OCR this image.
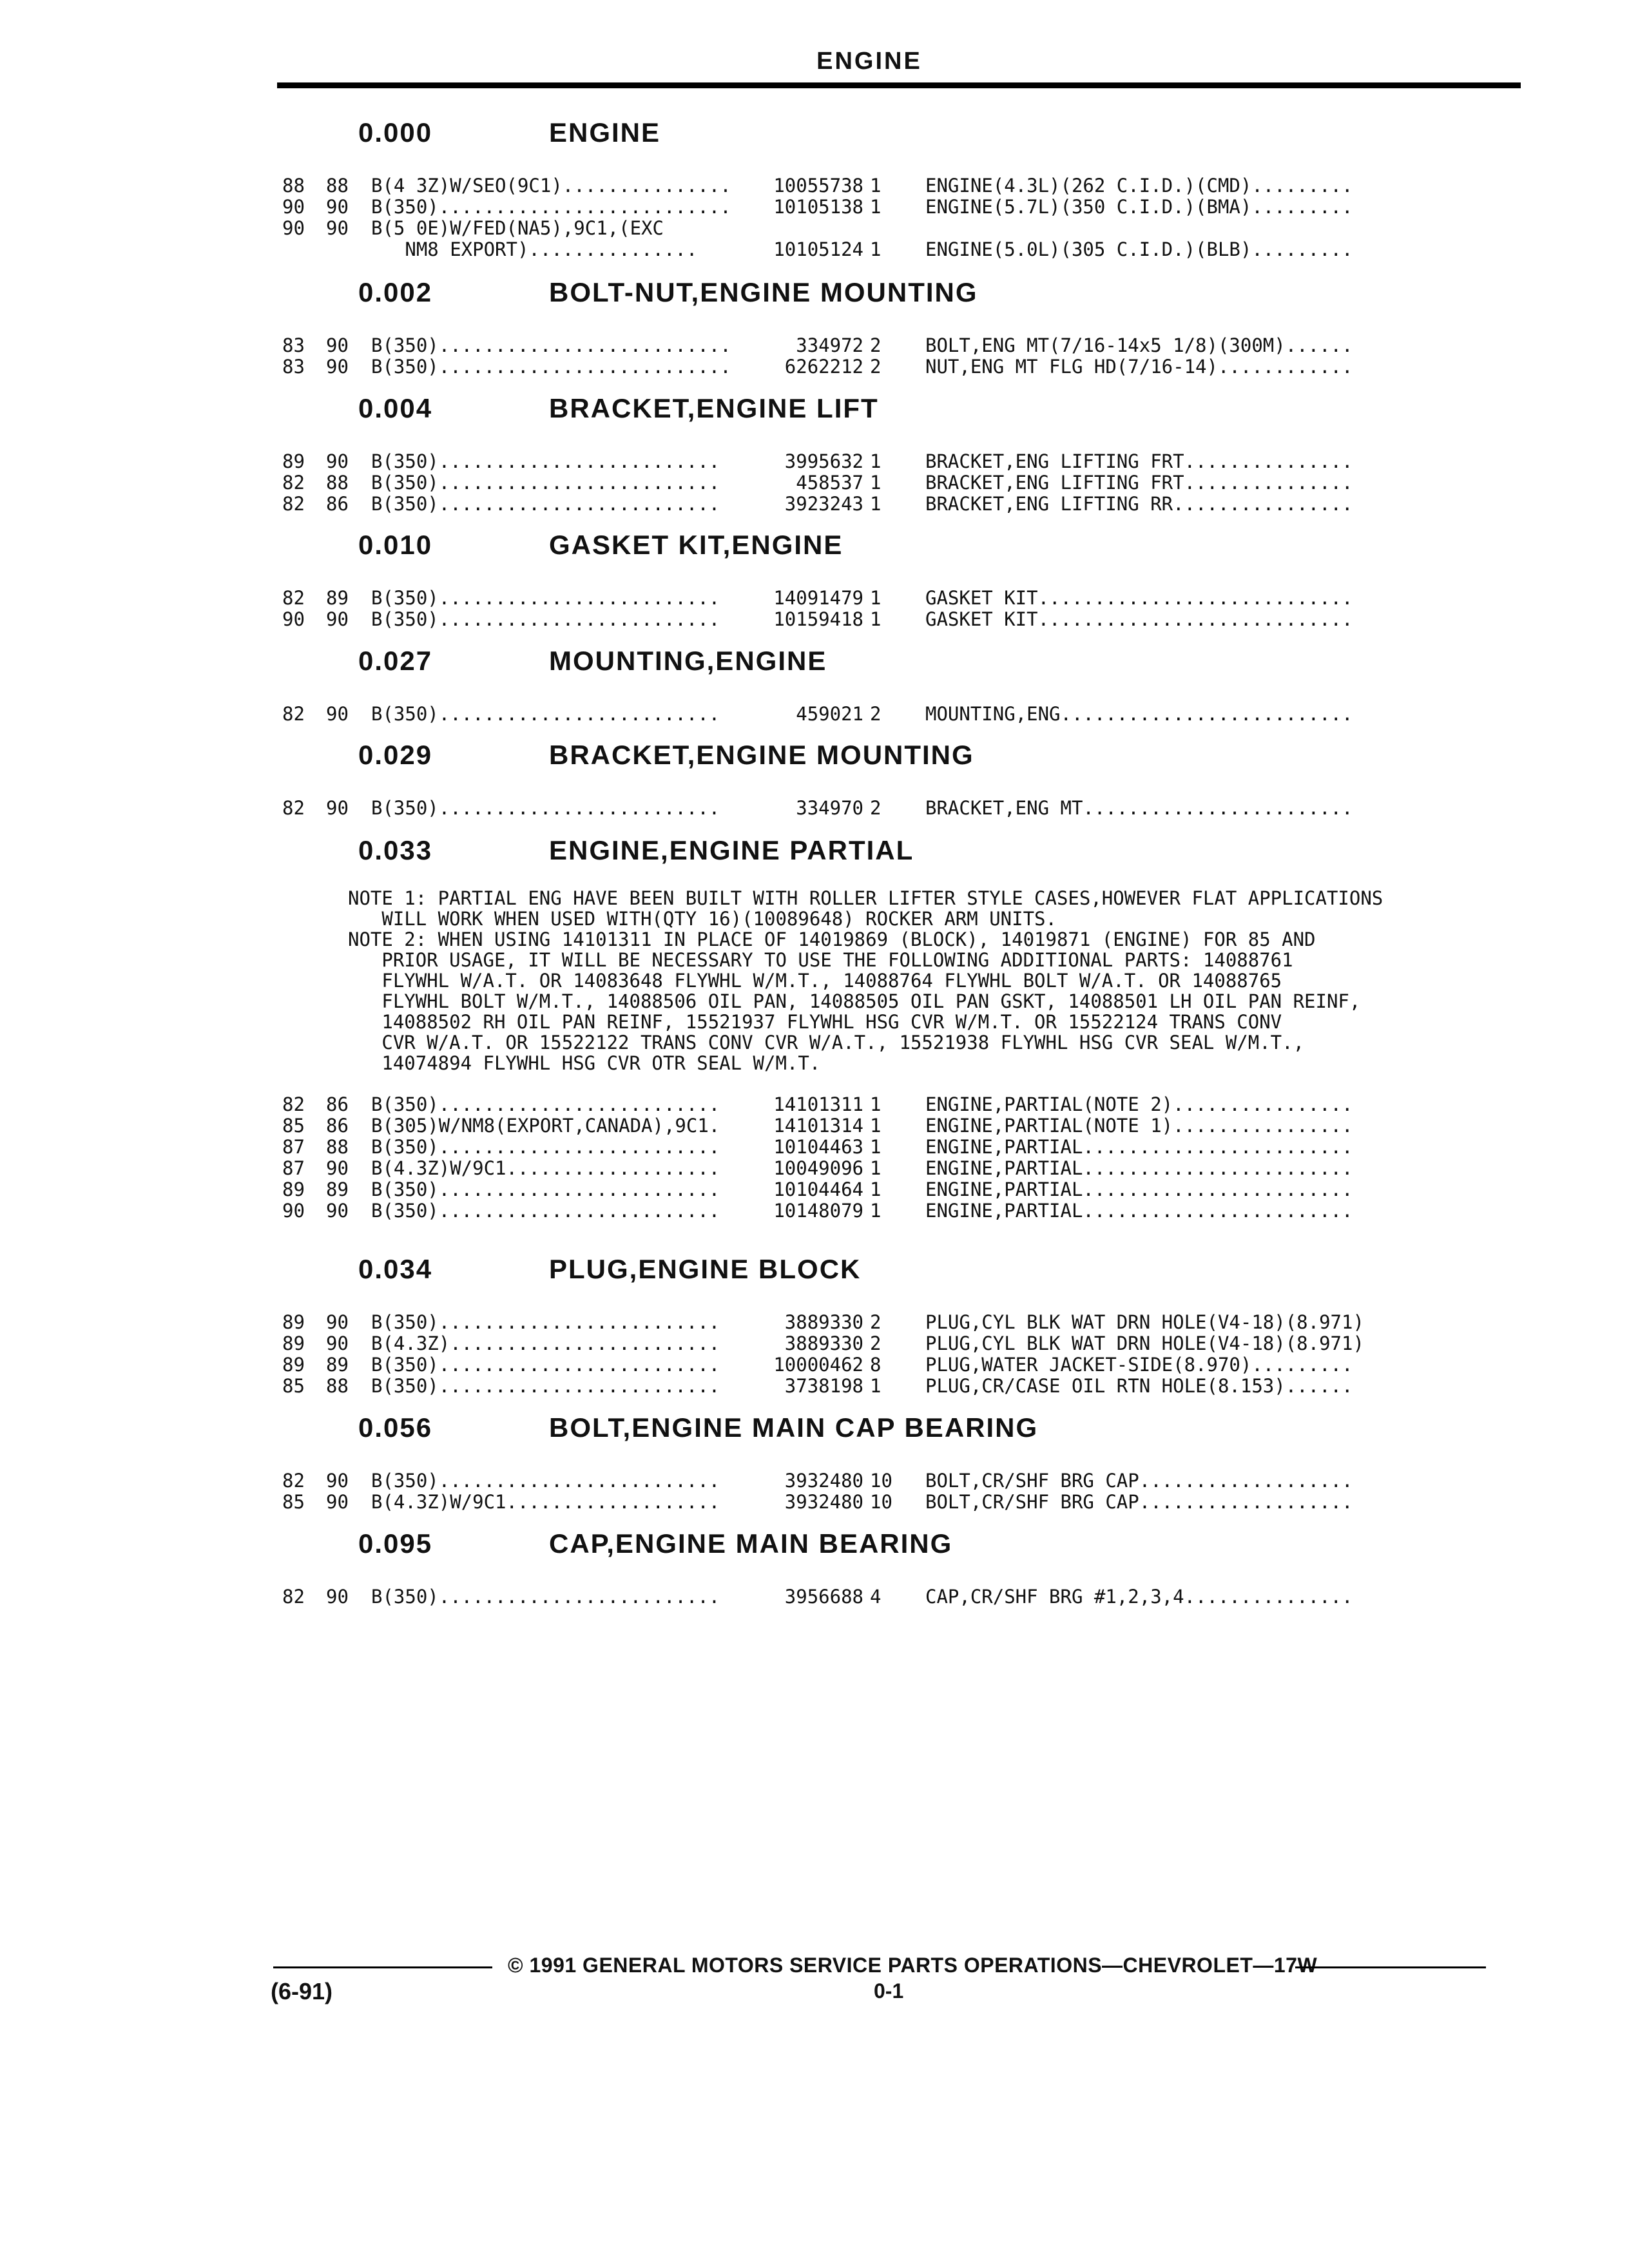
ENGINE
0.000	ENGINE
88 88 B(4 3Z)W/SEO(9C1)............... 10055738 1 ENGINE(4.3L)(262 C.I.D.)(CMD).........
90 90 B(350).......................... 10105138 1 ENGINE(5.7L)(350 C.I.D.)(BMA).........
90 90 B(5 0E)W/FED(NA5),9C1,(EXC
NM8 EXPORT)...............	10105124 1 ENGINE(5.0L)(305 C.I.D.)(BLB).........
0.002	BOLT-NUT,ENGINE MOUNTING
83 90 B(350)..........................	334972 2 BOLT,ENG MT(7/16-14x5 1/8)(300M)......
83 90 B(350)..........................	6262212 2 NUT,ENG MT FLG HD(7/16-14)............
0.004	BRACKET,ENGINE LIFT
89 90 B(350).........................	3995632 1 BRACKET,ENG LIFTING FRT...............
82 88 B(350).........................	458537 1 BRACKET,ENG LIFTING FRT...............
82 86 B(350).........................	3923243 1 BRACKET,ENG LIFTING RR................
0.010	GASKET KIT,ENGINE
82 89 B(350).........................	14091479 1 GASKET KIT............................
90 90 B(350).........................	10159418 1 GASKET KIT............................
0.027	MOUNTING,ENGINE
82 90 B(350).........................	459021 2 MOUNTING,ENG..........................
0.029	BRACKET,ENGINE MOUNTING
82 90 B(350).........................	334970 2 BRACKET,ENG MT........................
0.033	ENGINE,ENGINE PARTIAL
NOTE 1: PARTIAL ENG HAVE BEEN BUILT WITH ROLLER LIFTER STYLE CASES,HOWEVER FLAT APPLICATIONS
WILL WORK WHEN USED WITH(QTY 16)(10089648) ROCKER ARM UNITS.
NOTE 2: WHEN USING 14101311 IN PLACE OF 14019869 (BLOCK), 14019871 (ENGINE) FOR 85 AND
PRIOR USAGE, IT WILL BE NECESSARY TO USE THE FOLLOWING ADDITIONAL PARTS: 14088761
FLYWHL W/A.T. OR 14083648 FLYWHL W/M.T., 14088764 FLYWHL BOLT W/A.T. OR 14088765
FLYWHL BOLT W/M.T., 14088506 OIL PAN, 14088505 OIL PAN GSKT, 14088501 LH OIL PAN REINF,
14088502 RH OIL PAN REINF, 15521937 FLYWHL HSG CVR W/M.T. OR 15522124 TRANS CONV
CVR W/A.T. OR 15522122 TRANS CONV CVR W/A.T., 15521938 FLYWHL HSG CVR SEAL W/M.T.,
14074894 FLYWHL HSG CVR OTR SEAL W/M.T.
82 86 B(350).........................	14101311 1 ENGINE,PARTIAL(NOTE 2)................
85 86 B(305)W/NM8(EXPORT,CANADA),9C1.	14101314 1 ENGINE,PARTIAL(NOTE 1)................
87 88 B(350).........................	10104463 1 ENGINE,PARTIAL........................
87 90 B(4.3Z)W/9C1...................	10049096 1 ENGINE,PARTIAL........................
89 89 B(350).........................	10104464 1 ENGINE,PARTIAL........................
90 90 B(350).........................	10148079 1 ENGINE,PARTIAL........................
0.034	PLUG,ENGINE BLOCK
89 90 B(350).........................	3889330 2 PLUG,CYL BLK WAT DRN HOLE(V4-18)(8.971)
89 90 B(4.3Z)........................	3889330 2 PLUG,CYL BLK WAT DRN HOLE(V4-18)(8.971)
89 89 B(350).........................	10000462 8 PLUG,WATER JACKET-SIDE(8.970).........
85 88 B(350).........................	3738198 1 PLUG,CR/CASE OIL RTN HOLE(8.153)......
0.056	BOLT,ENGINE MAIN CAP BEARING
82 90 B(350).........................	3932480 10 BOLT,CR/SHF BRG CAP...................
85 90 B(4.3Z)W/9C1...................	3932480 10 BOLT,CR/SHF BRG CAP...................
0.095	CAP,ENGINE MAIN BEARING
82 90 B(350).........................	3956688 4 CAP,CR/SHF BRG #1,2,3,4...............
© 1991 GENERAL MOTORS SERVICE PARTS OPERATIONS—CHEVROLET—17W
(6-91)	0-1
